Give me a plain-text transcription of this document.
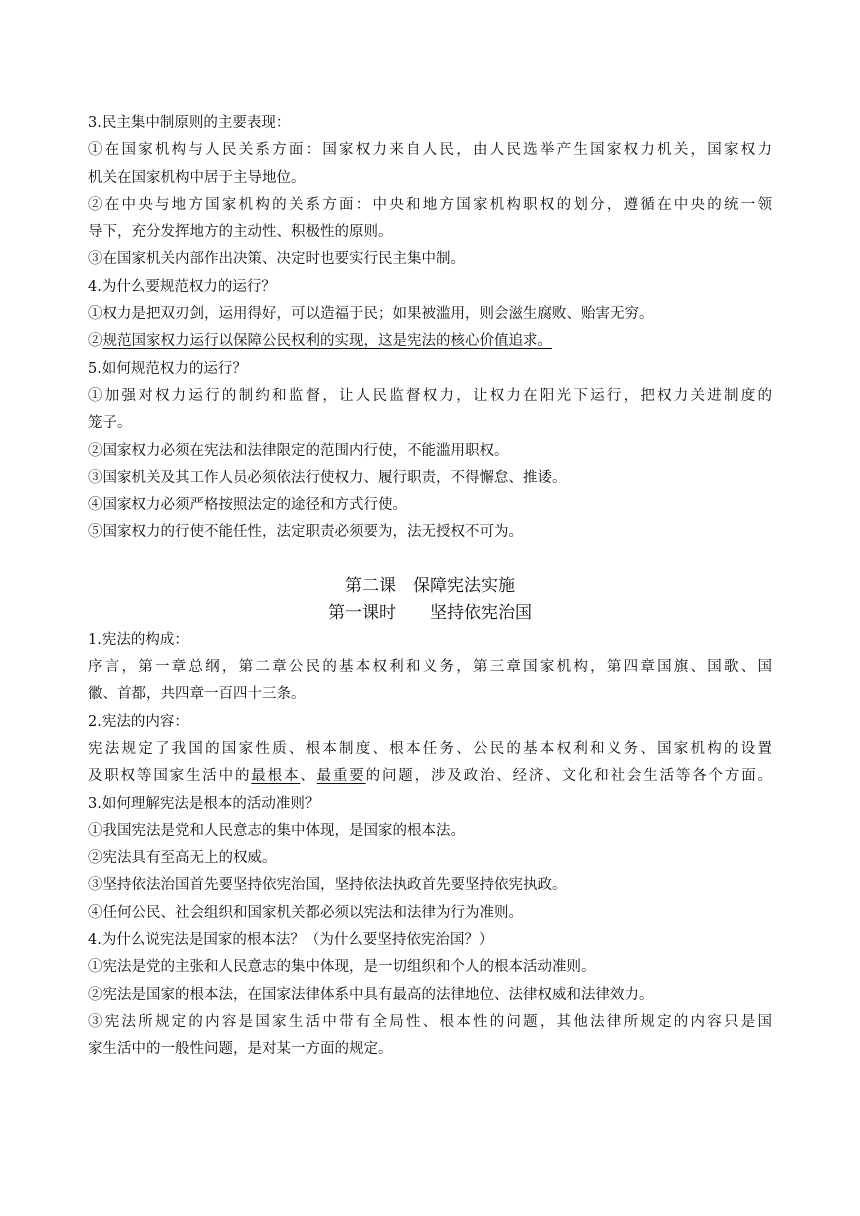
3.民主集中制原则的主要表现：
①在国家机构与人民关系方面：国家权力来自人民，由人民选举产生国家权力机关，国家权力
机关在国家机构中居于主导地位。
②在中央与地方国家机构的关系方面：中央和地方国家机构职权的划分，遵循在中央的统一领
导下，充分发挥地方的主动性、积极性的原则。
③在国家机关内部作出决策、决定时也要实行民主集中制。
4.为什么要规范权力的运行？
①权力是把双刃剑，运用得好，可以造福于民；如果被滥用，则会滋生腐败、贻害无穷。
②规范国家权力运行以保障公民权利的实现，这是宪法的核心价值追求。
5.如何规范权力的运行？
①加强对权力运行的制约和监督，让人民监督权力，让权力在阳光下运行，把权力关进制度的
笼子。
②国家权力必须在宪法和法律限定的范围内行使，不能滥用职权。
③国家机关及其工作人员必须依法行使权力、履行职责，不得懈怠、推诿。
④国家权力必须严格按照法定的途径和方式行使。
⑤国家权力的行使不能任性，法定职责必须要为，法无授权不可为。
第二课　保障宪法实施
第一课时　　坚持依宪治国
1.宪法的构成：
序言，第一章总纲，第二章公民的基本权利和义务，第三章国家机构，第四章国旗、国歌、国
徽、首都，共四章一百四十三条。
2.宪法的内容：
宪法规定了我国的国家性质、根本制度、根本任务、公民的基本权利和义务、国家机构的设置
及职权等国家生活中的最根本、最重要的问题，涉及政治、经济、文化和社会生活等各个方面。
3.如何理解宪法是根本的活动准则？
①我国宪法是党和人民意志的集中体现，是国家的根本法。
②宪法具有至高无上的权威。
③坚持依法治国首先要坚持依宪治国，坚持依法执政首先要坚持依宪执政。
④任何公民、社会组织和国家机关都必须以宪法和法律为行为准则。
4.为什么说宪法是国家的根本法？（为什么要坚持依宪治国？）
①宪法是党的主张和人民意志的集中体现，是一切组织和个人的根本活动准则。
②宪法是国家的根本法，在国家法律体系中具有最高的法律地位、法律权威和法律效力。
③宪法所规定的内容是国家生活中带有全局性、根本性的问题，其他法律所规定的内容只是国
家生活中的一般性问题，是对某一方面的规定。
